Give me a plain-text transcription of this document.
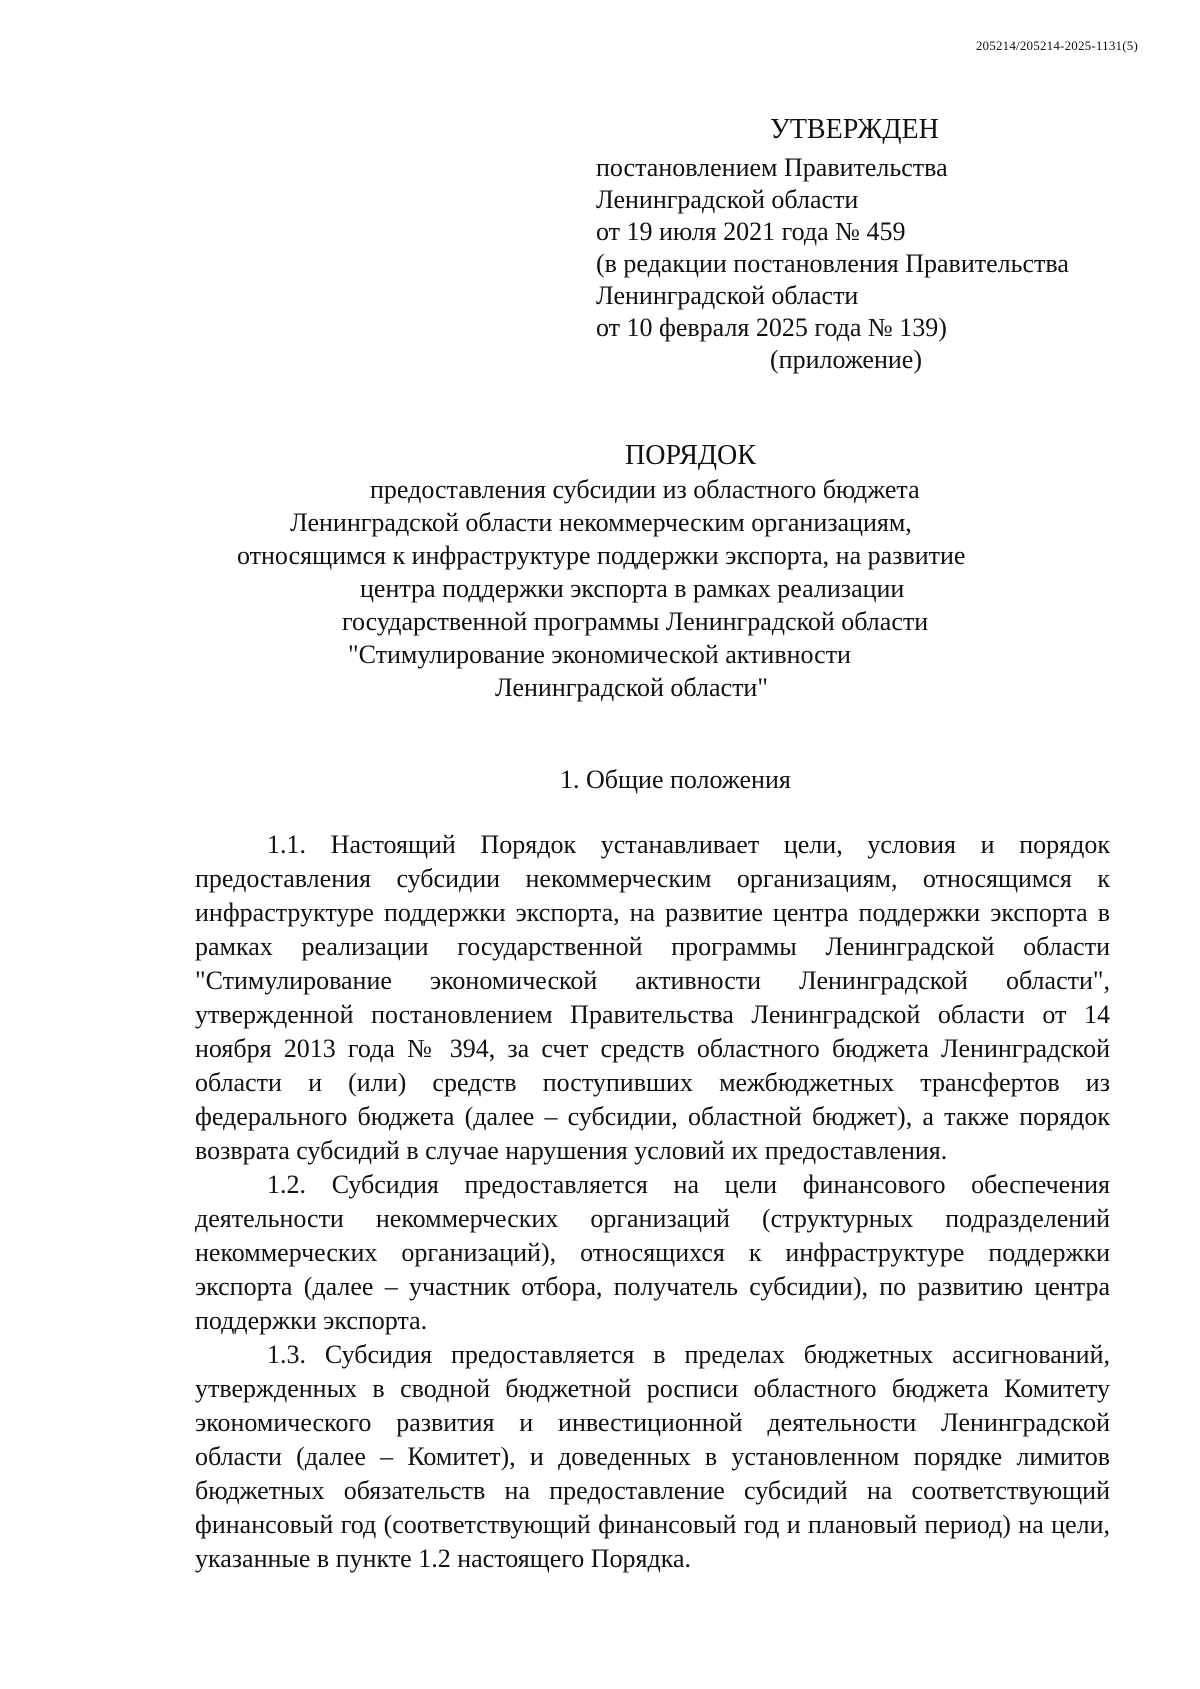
205214/205214-2025-1131(5)
УТВЕРЖДЕН
постановлением Правительства
Ленинградской области
от 19 июля 2021 года № 459
(в редакции постановления Правительства
Ленинградской области
от 10 февраля 2025 года № 139)
(приложение)
ПОРЯДОК
предоставления субсидии из областного бюджета
Ленинградской области некоммерческим организациям,
относящимся к инфраструктуре поддержки экспорта, на развитие
центра поддержки экспорта в рамках реализации
государственной программы Ленинградской области
"Стимулирование экономической активности
Ленинградской области"
1. Общие положения

1.1. Настоящий Порядок устанавливает цели, условия и порядок предоставления субсидии некоммерческим организациям, относящимся к инфраструктуре поддержки экспорта, на развитие центра поддержки экспорта в рамках реализации государственной программы Ленинградской области "Стимулирование экономической активности Ленинградской области", утвержденной постановлением Правительства Ленинградской области от 14 ноября 2013 года № 394, за счет средств областного бюджета Ленинградской области и (или) средств поступивших межбюджетных трансфертов из федерального бюджета (далее – субсидии, областной бюджет), а также порядок возврата субсидий в случае нарушения условий их предоставления.

1.2. Субсидия предоставляется на цели финансового обеспечения деятельности некоммерческих организаций (структурных подразделений некоммерческих организаций), относящихся к инфраструктуре поддержки экспорта (далее – участник отбора, получатель субсидии), по развитию центра поддержки экспорта.

1.3. Субсидия предоставляется в пределах бюджетных ассигнований, утвержденных в сводной бюджетной росписи областного бюджета Комитету экономического развития и инвестиционной деятельности Ленинградской области (далее – Комитет), и доведенных в установленном порядке лимитов бюджетных обязательств на предоставление субсидий на соответствующий финансовый год (соответствующий финансовый год и плановый период) на цели, указанные в пункте 1.2 настоящего Порядка.
